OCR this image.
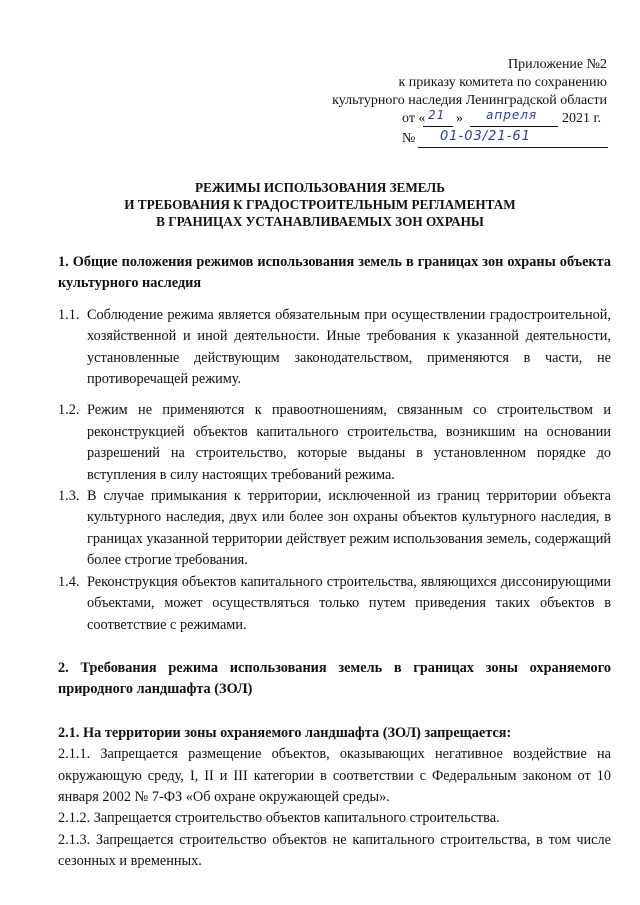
Приложение №2
к приказу комитета по сохранению
культурного наследия Ленинградской области
от « 21 » апреля 2021 г.
№ 01-03/21-61
РЕЖИМЫ ИСПОЛЬЗОВАНИЯ ЗЕМЕЛЬ
И ТРЕБОВАНИЯ К ГРАДОСТРОИТЕЛЬНЫМ РЕГЛАМЕНТАМ
В ГРАНИЦАХ УСТАНАВЛИВАЕМЫХ ЗОН ОХРАНЫ

1. Общие положения режимов использования земель в границах зон охраны объекта культурного наследия

1.1. Соблюдение режима является обязательным при осуществлении градостроительной, хозяйственной и иной деятельности. Иные требования к указанной деятельности, установленные действующим законодательством, применяются в части, не противоречащей режиму.

1.2. Режим не применяются к правоотношениям, связанным со строительством и реконструкцией объектов капитального строительства, возникшим на основании разрешений на строительство, которые выданы в установленном порядке до вступления в силу настоящих требований режима.

1.3. В случае примыкания к территории, исключенной из границ территории объекта культурного наследия, двух или более зон охраны объектов культурного наследия, в границах указанной территории действует режим использования земель, содержащий более строгие требования.

1.4. Реконструкция объектов капитального строительства, являющихся диссонирующими объектами, может осуществляться только путем приведения таких объектов в соответствие с режимами.

2. Требования режима использования земель в границах зоны охраняемого природного ландшафта (ЗОЛ)

2.1. На территории зоны охраняемого ландшафта (ЗОЛ) запрещается:

2.1.1. Запрещается размещение объектов, оказывающих негативное воздействие на окружающую среду, I, II и III категории в соответствии с Федеральным законом от 10 января 2002 № 7-ФЗ «Об охране окружающей среды».

2.1.2. Запрещается строительство объектов капитального строительства.

2.1.3. Запрещается строительство объектов не капитального строительства, в том числе сезонных и временных.
